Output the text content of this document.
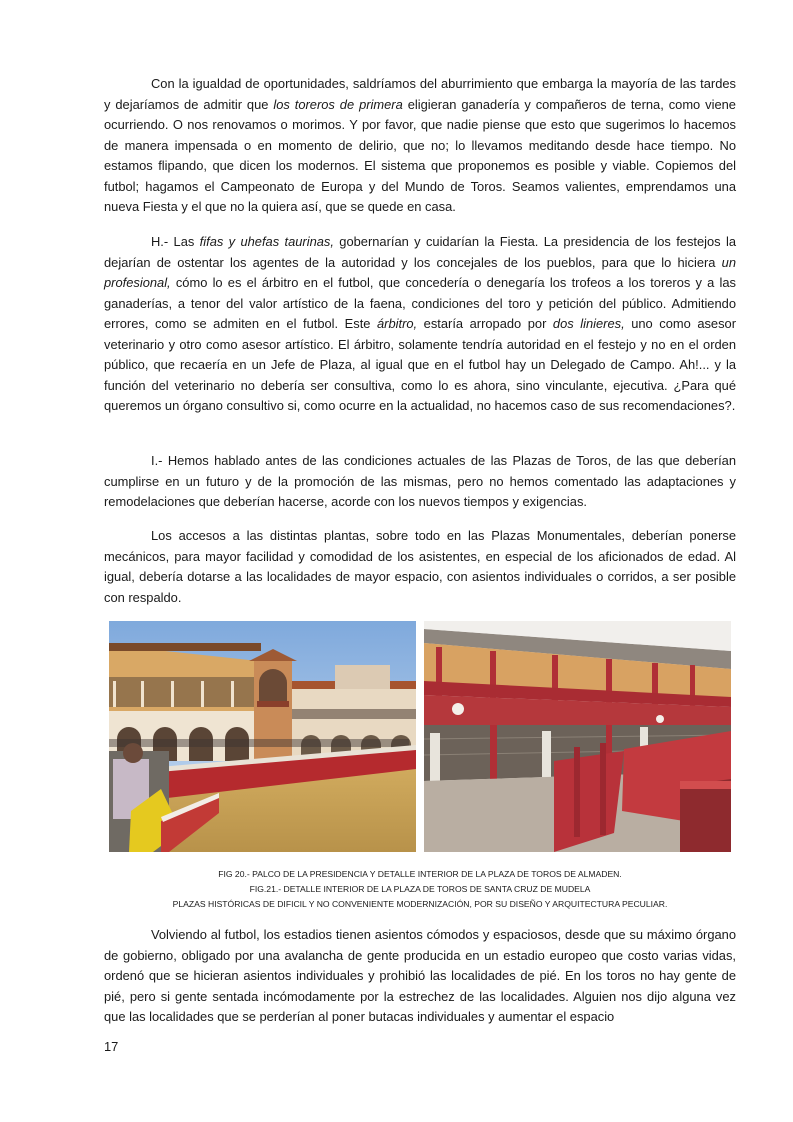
Con la igualdad de oportunidades, saldríamos del aburrimiento que embarga la mayoría de las tardes y dejaríamos de admitir que los toreros de primera eligieran ganadería y compañeros de terna, como viene ocurriendo. O nos renovamos o morimos. Y por favor, que nadie piense que esto que sugerimos lo hacemos de manera impensada o en momento de delirio, que no; lo llevamos meditando desde hace tiempo. No estamos flipando, que dicen los modernos. El sistema que proponemos es posible y viable. Copiemos del futbol; hagamos el Campeonato de Europa y del Mundo de Toros. Seamos valientes, emprendamos una nueva Fiesta y el que no la quiera así, que se quede en casa.

H.- Las fifas y uhefas taurinas, gobernarían y cuidarían la Fiesta. La presidencia de los festejos la dejarían de ostentar los agentes de la autoridad y los concejales de los pueblos, para que lo hiciera un profesional, cómo lo es el árbitro en el futbol, que concedería o denegaría los trofeos a los toreros y a las ganaderías, a tenor del valor artístico de la faena, condiciones del toro y petición del público. Admitiendo errores, como se admiten en el futbol. Este árbitro, estaría arropado por dos linieres, uno como asesor veterinario y otro como asesor artístico. El árbitro, solamente tendría autoridad en el festejo y no en el orden público, que recaería en un Jefe de Plaza, al igual que en el futbol hay un Delegado de Campo. Ah!... y la función del veterinario no debería ser consultiva, como lo es ahora, sino vinculante, ejecutiva. ¿Para qué queremos un órgano consultivo si, como ocurre en la actualidad, no hacemos caso de sus recomendaciones?.

I.- Hemos hablado antes de las condiciones actuales de las Plazas de Toros, de las que deberían cumplirse en un futuro y de la promoción de las mismas, pero no hemos comentado las adaptaciones y remodelaciones que deberían hacerse, acorde con los nuevos tiempos y exigencias.

Los accesos a las distintas plantas, sobre todo en las Plazas Monumentales, deberían ponerse mecánicos, para mayor facilidad y comodidad de los asistentes, en especial de los aficionados de edad. Al igual, debería dotarse a las localidades de mayor espacio, con asientos individuales o corridos, a ser posible con respaldo.

FIG 20.- PALCO DE LA PRESIDENCIA Y DETALLE INTERIOR DE LA PLAZA DE TOROS DE ALMADEN.

FIG.21.- DETALLE INTERIOR DE LA PLAZA DE TOROS DE SANTA CRUZ DE MUDELA

PLAZAS HISTÓRICAS DE DIFICIL Y NO CONVENIENTE MODERNIZACIÓN, POR SU DISEÑO Y ARQUITECTURA PECULIAR.

Volviendo al futbol, los estadios tienen asientos cómodos y espaciosos, desde que su máximo órgano de gobierno, obligado por una avalancha de gente producida en un estadio europeo que costo varias vidas, ordenó que se hicieran asientos individuales y prohibió las localidades de pié. En los toros no hay gente de pié, pero si gente sentada incómodamente por la estrechez de las localidades. Alguien nos dijo alguna vez que las localidades que se perderían al poner butacas individuales y aumentar el espacio

17
